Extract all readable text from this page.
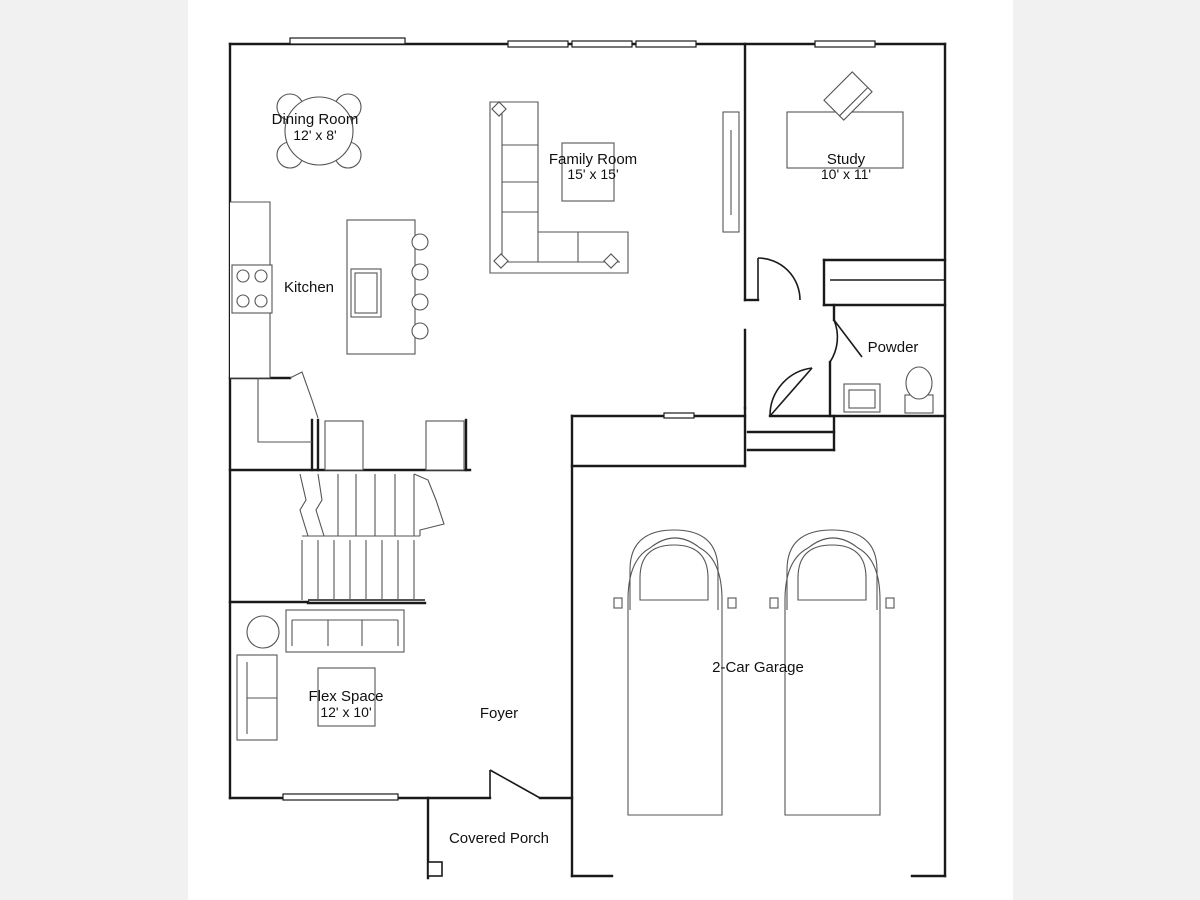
Dining Room
12' x 8'
Family Room
15' x 15'
Study
10' x 11'
Kitchen
Powder
2-Car Garage
Flex Space
12' x 10'	Foyer
Covered Porch
